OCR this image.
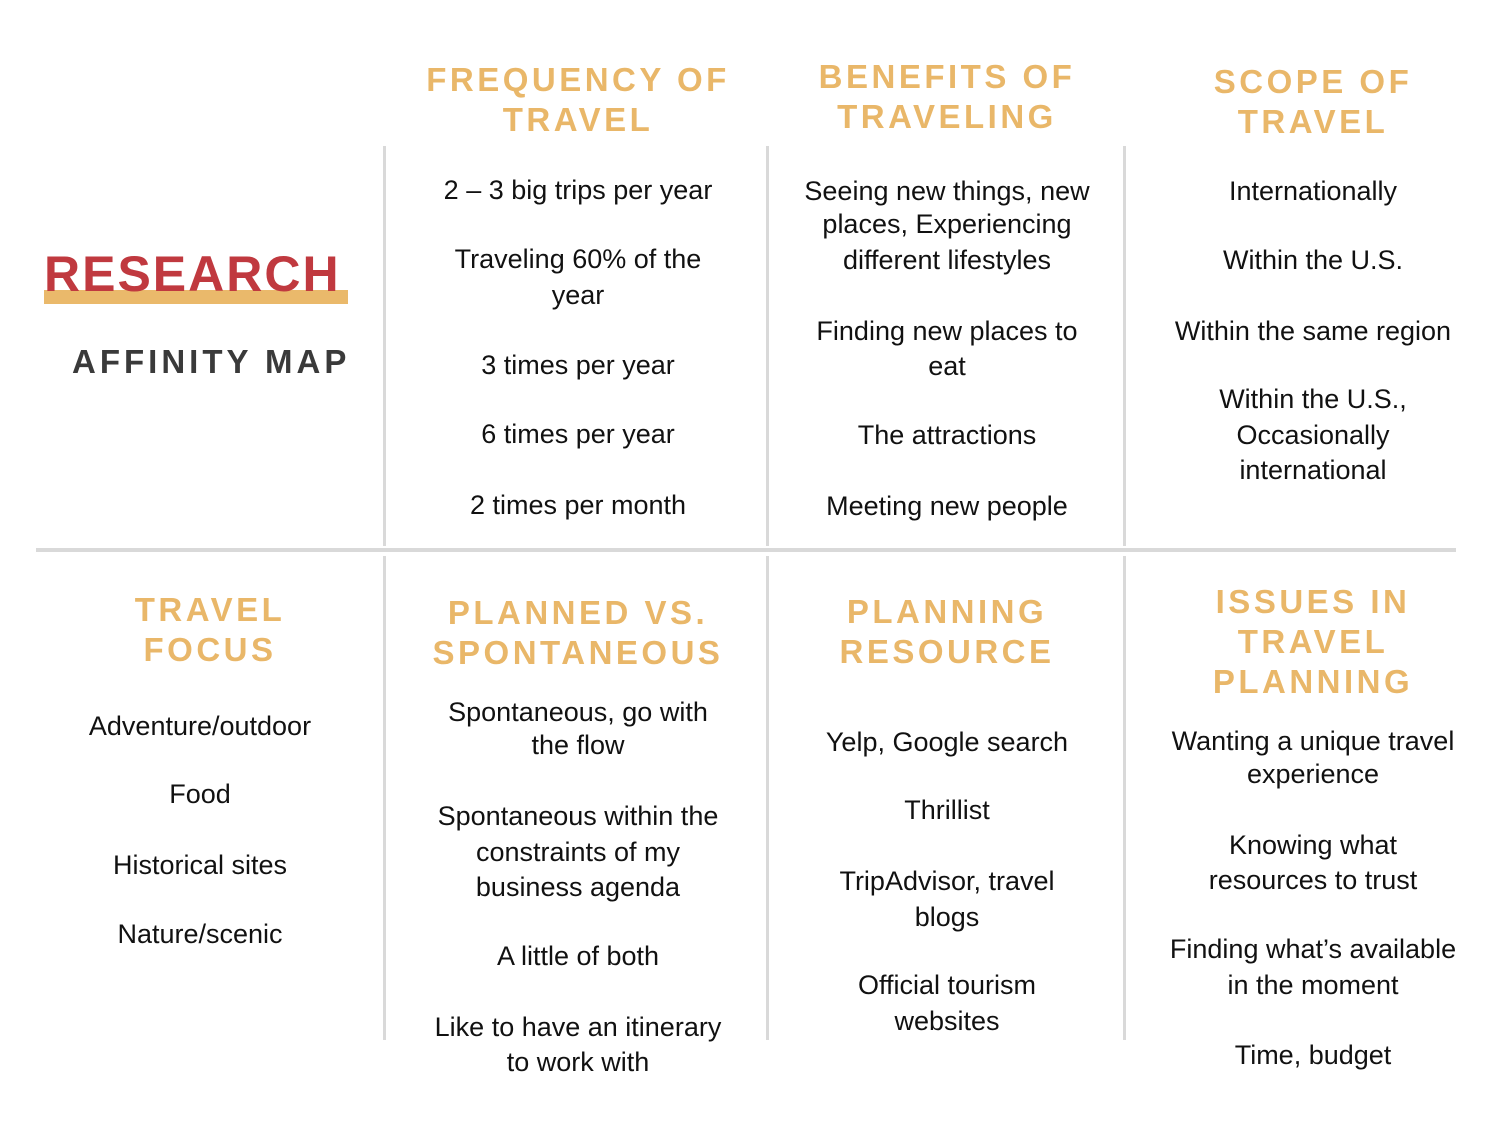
RESEARCH
AFFINITY MAP
FREQUENCY OF
TRAVEL
2 – 3 big trips per year
Traveling 60% of the
year
3 times per year
6 times per year
2 times per month
BENEFITS OF
TRAVELING
Seeing new things, new
places, Experiencing
different lifestyles
Finding new places to
eat
The attractions
Meeting new people
SCOPE OF
TRAVEL
Internationally
Within the U.S.
Within the same region
Within the U.S.,
Occasionally
international
TRAVEL
FOCUS
Adventure/outdoor
Food
Historical sites
Nature/scenic
PLANNED VS.
SPONTANEOUS
Spontaneous, go with
the flow
Spontaneous within the
constraints of my
business agenda
A little of both
Like to have an itinerary
to work with
PLANNING
RESOURCE
Yelp, Google search
Thrillist
TripAdvisor, travel
blogs
Official tourism
websites
ISSUES IN
TRAVEL
PLANNING
Wanting a unique travel
experience
Knowing what
resources to trust
Finding what’s available
in the moment
Time, budget
